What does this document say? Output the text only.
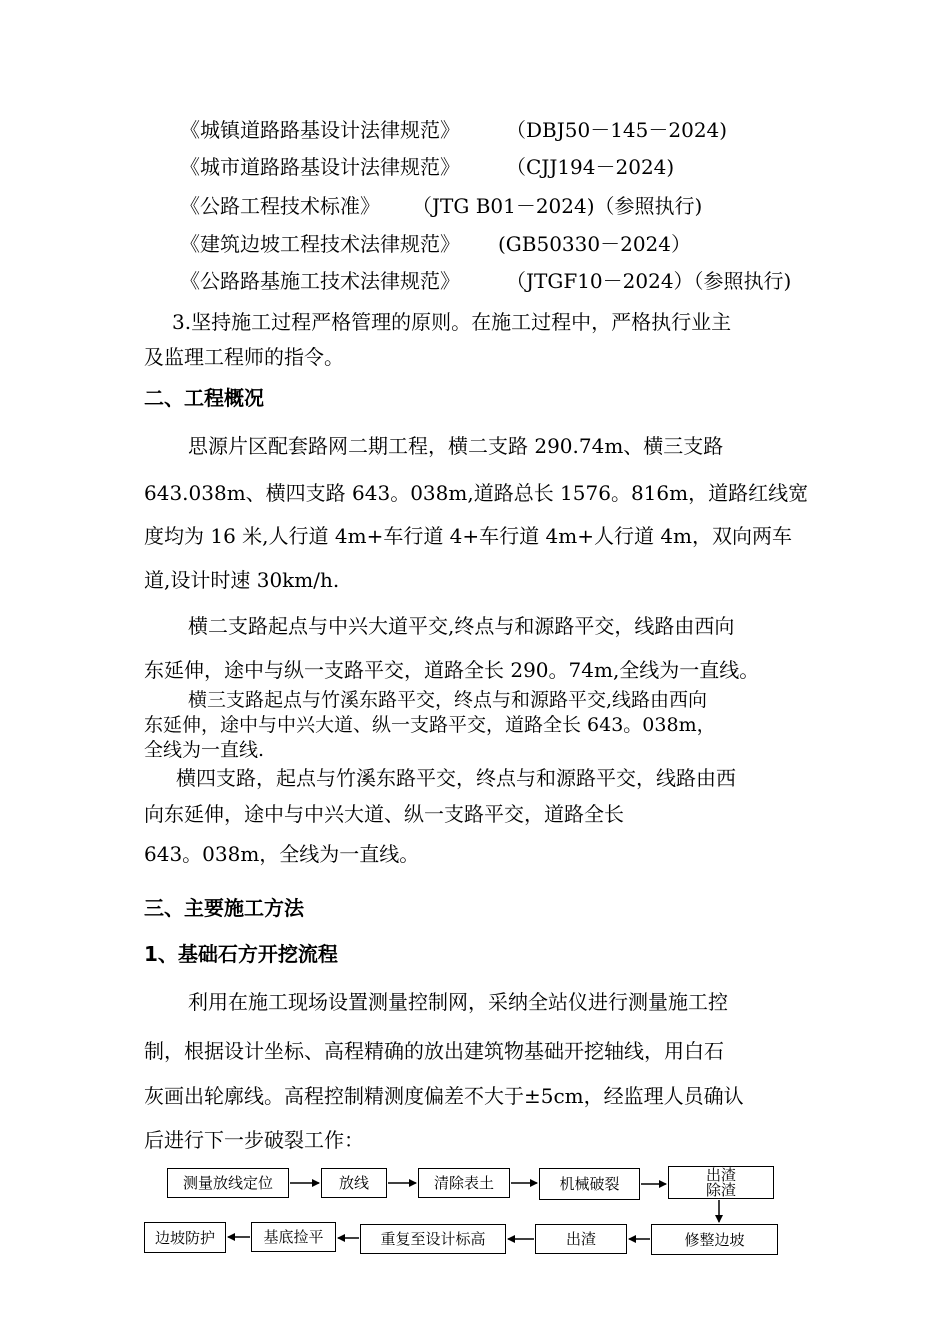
《城镇道路路基设计法律规范》 （DBJ50－145－2024)
《城市道路路基设计法律规范》 （CJJ194－2024)
《公路工程技术标准》 （JTG B01－2024)（参照执行)
《建筑边坡工程技术法律规范》 (GB50330－2024）
《公路路基施工技术法律规范》 （JTGF10－2024）（参照执行)
3.坚持施工过程严格管理的原则。在施工过程中，严格执行业主
及监理工程师的指令。
二、工程概况
思源片区配套路网二期工程，横二支路 290.74m、横三支路
643.038m、横四支路 643。038m,道路总长 1576。816m，道路红线宽
度均为 16 米,人行道 4m+车行道 4+车行道 4m+人行道 4m，双向两车
道,设计时速 30km/h.
横二支路起点与中兴大道平交,终点与和源路平交，线路由西向
东延伸，途中与纵一支路平交，道路全长 290。74m,全线为一直线。
横三支路起点与竹溪东路平交，终点与和源路平交,线路由西向
东延伸，途中与中兴大道、纵一支路平交，道路全长 643。038m，
全线为一直线.
横四支路，起点与竹溪东路平交，终点与和源路平交，线路由西
向东延伸，途中与中兴大道、纵一支路平交，道路全长
643。038m，全线为一直线。
三、主要施工方法
1、基础石方开挖流程
利用在施工现场设置测量控制网，采纳全站仪进行测量施工控
制，根据设计坐标、高程精确的放出建筑物基础开挖轴线，用白石
灰画出轮廓线。高程控制精测度偏差不大于±5cm，经监理人员确认
后进行下一步破裂工作：
测量放线定位	放线	清除表土	机械破裂
出渣
除渣
修整边坡
出渣
重复至设计标高
基底捡平
边坡防护
